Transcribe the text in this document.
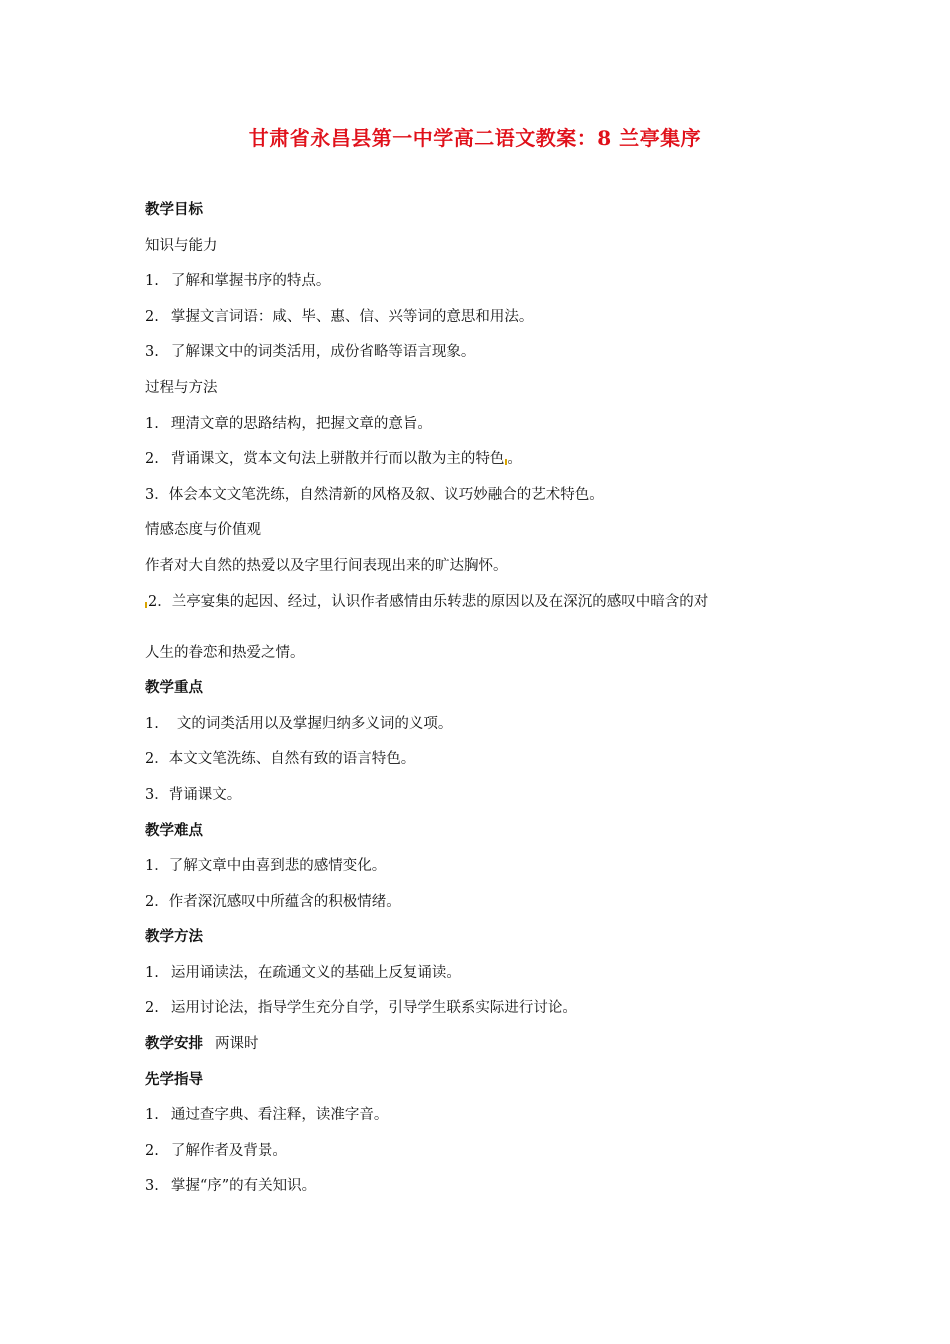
甘肃省永昌县第一中学高二语文教案：8 兰亭集序
教学目标
知识与能力
1. 了解和掌握书序的特点。
2. 掌握文言词语：咸、毕、惠、信、兴等词的意思和用法。
3. 了解课文中的词类活用，成份省略等语言现象。
过程与方法
1. 理清文章的思路结构，把握文章的意旨。
2. 背诵课文，赏本文句法上骈散并行而以散为主的特色 。
3．体会本文文笔洗练，自然清新的风格及叙、议巧妙融合的艺术特色。
情感态度与价值观
作者对大自然的热爱以及字里行间表现出来的旷达胸怀。
2．兰亭宴集的起因、经过，认识作者感情由乐转悲的原因以及在深沉的感叹中暗含的对
人生的眷恋和热爱之情。
教学重点
1. 文的词类活用以及掌握归纳多义词的义项。
2．本文文笔洗练、自然有致的语言特色。
3．背诵课文。
教学难点
1．了解文章中由喜到悲的感情变化。
2．作者深沉感叹中所蕴含的积极情绪。
教学方法
1. 运用诵读法，在疏通文义的基础上反复诵读。
2. 运用讨论法，指导学生充分自学，引导学生联系实际进行讨论。
教学安排 两课时
先学指导
1. 通过查字典、看注释，读准字音。
2. 了解作者及背景。
3. 掌握“序”的有关知识。
